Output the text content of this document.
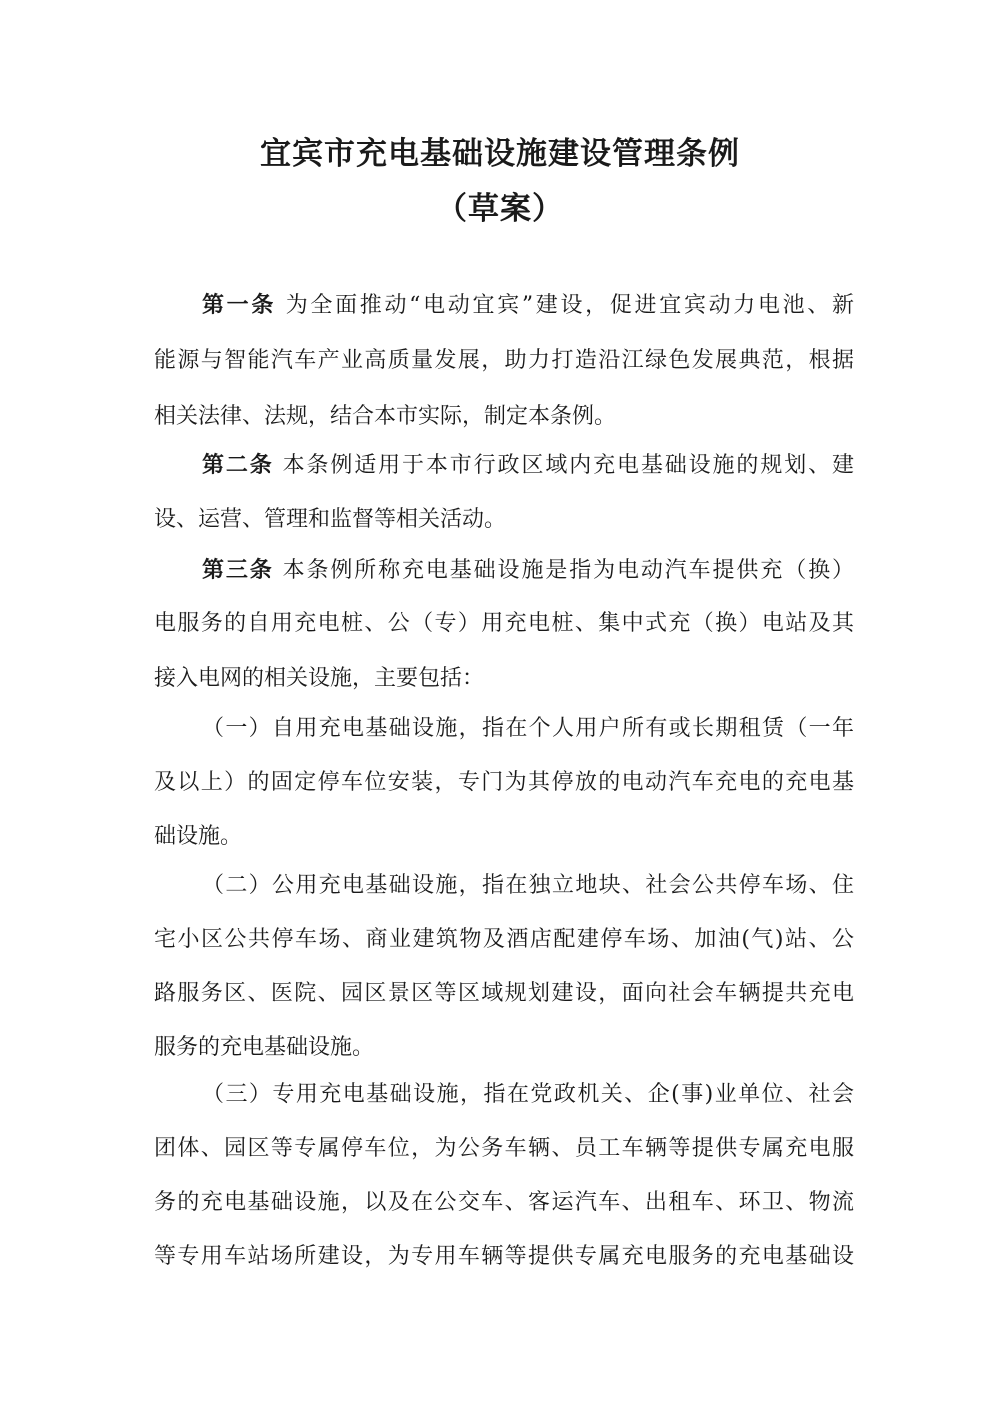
宜宾市充电基础设施建设管理条例
（草案）
第一条 为全面推动“电动宜宾”建设，促进宜宾动力电池、新
能源与智能汽车产业高质量发展，助力打造沿江绿色发展典范，根据
相关法律、法规，结合本市实际，制定本条例。
第二条 本条例适用于本市行政区域内充电基础设施的规划、建
设、运营、管理和监督等相关活动。
第三条 本条例所称充电基础设施是指为电动汽车提供充（换）
电服务的自用充电桩、公（专）用充电桩、集中式充（换）电站及其
接入电网的相关设施，主要包括：
（一）自用充电基础设施，指在个人用户所有或长期租赁（一年
及以上）的固定停车位安装，专门为其停放的电动汽车充电的充电基
础设施。
（二）公用充电基础设施，指在独立地块、社会公共停车场、住
宅小区公共停车场、商业建筑物及酒店配建停车场、加油(气)站、公
路服务区、医院、园区景区等区域规划建设，面向社会车辆提共充电
服务的充电基础设施。
（三）专用充电基础设施，指在党政机关、企(事)业单位、社会
团体、园区等专属停车位，为公务车辆、员工车辆等提供专属充电服
务的充电基础设施，以及在公交车、客运汽车、出租车、环卫、物流
等专用车站场所建设，为专用车辆等提供专属充电服务的充电基础设
